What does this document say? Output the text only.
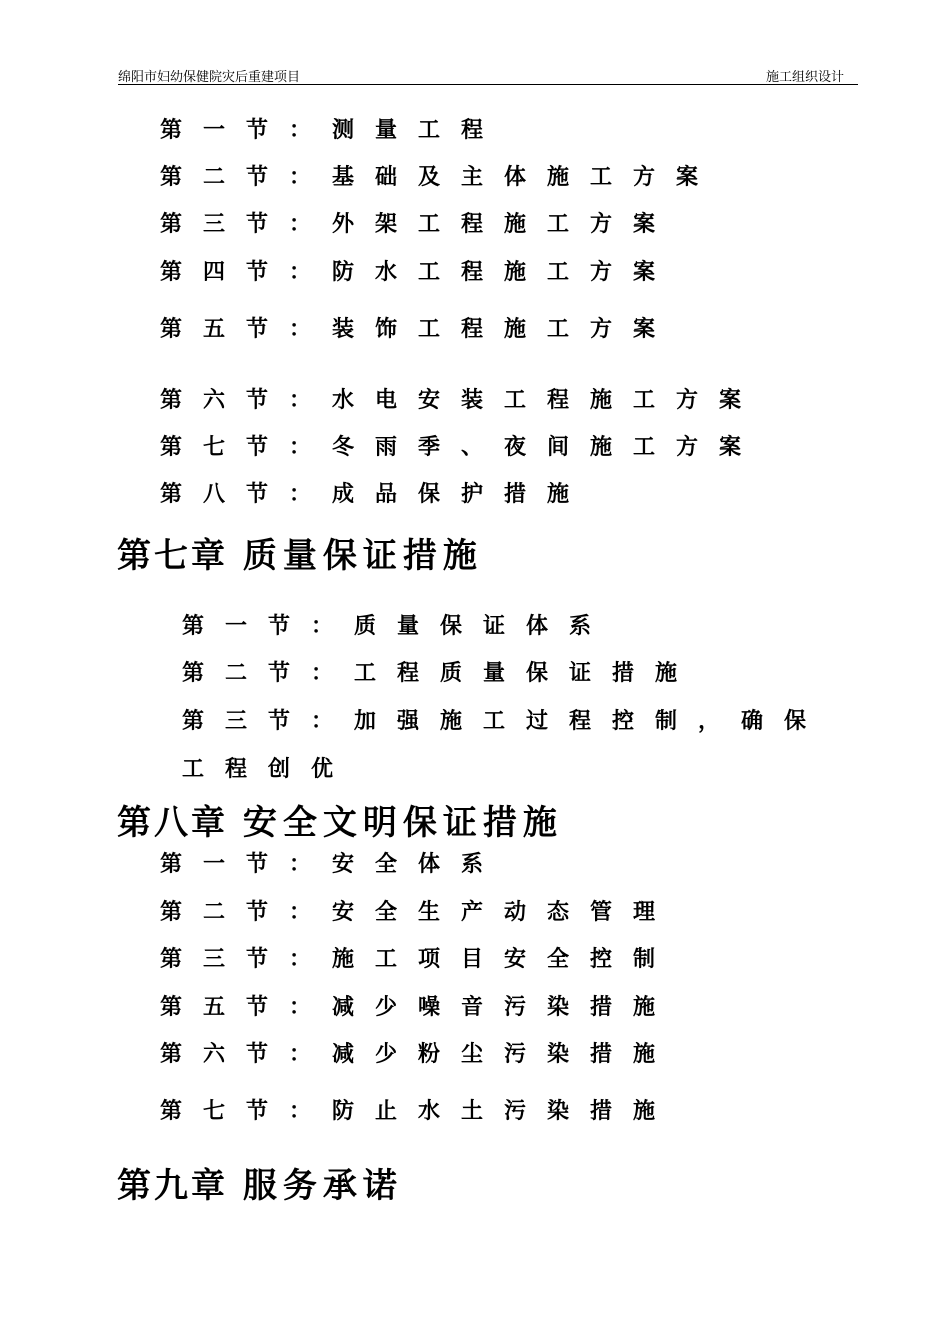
绵阳市妇幼保健院灾后重建项目	施工组织设计
第一节：测量工程
第二节：基础及主体施工方案
第三节：外架工程施工方案
第四节：防水工程施工方案
第五节：装饰工程施工方案
第六节：水电安装工程施工方案
第七节：冬雨季、夜间施工方案
第八节：成品保护措施
第七章 质量保证措施
第一节：质量保证体系
第二节：工程质量保证措施
第三节：加强施工过程控制，确保
工程创优
第八章 安全文明保证措施
第一节：安全体系
第二节：安全生产动态管理
第三节：施工项目安全控制
第五节：减少噪音污染措施
第六节：减少粉尘污染措施
第七节：防止水土污染措施
第九章 服务承诺
